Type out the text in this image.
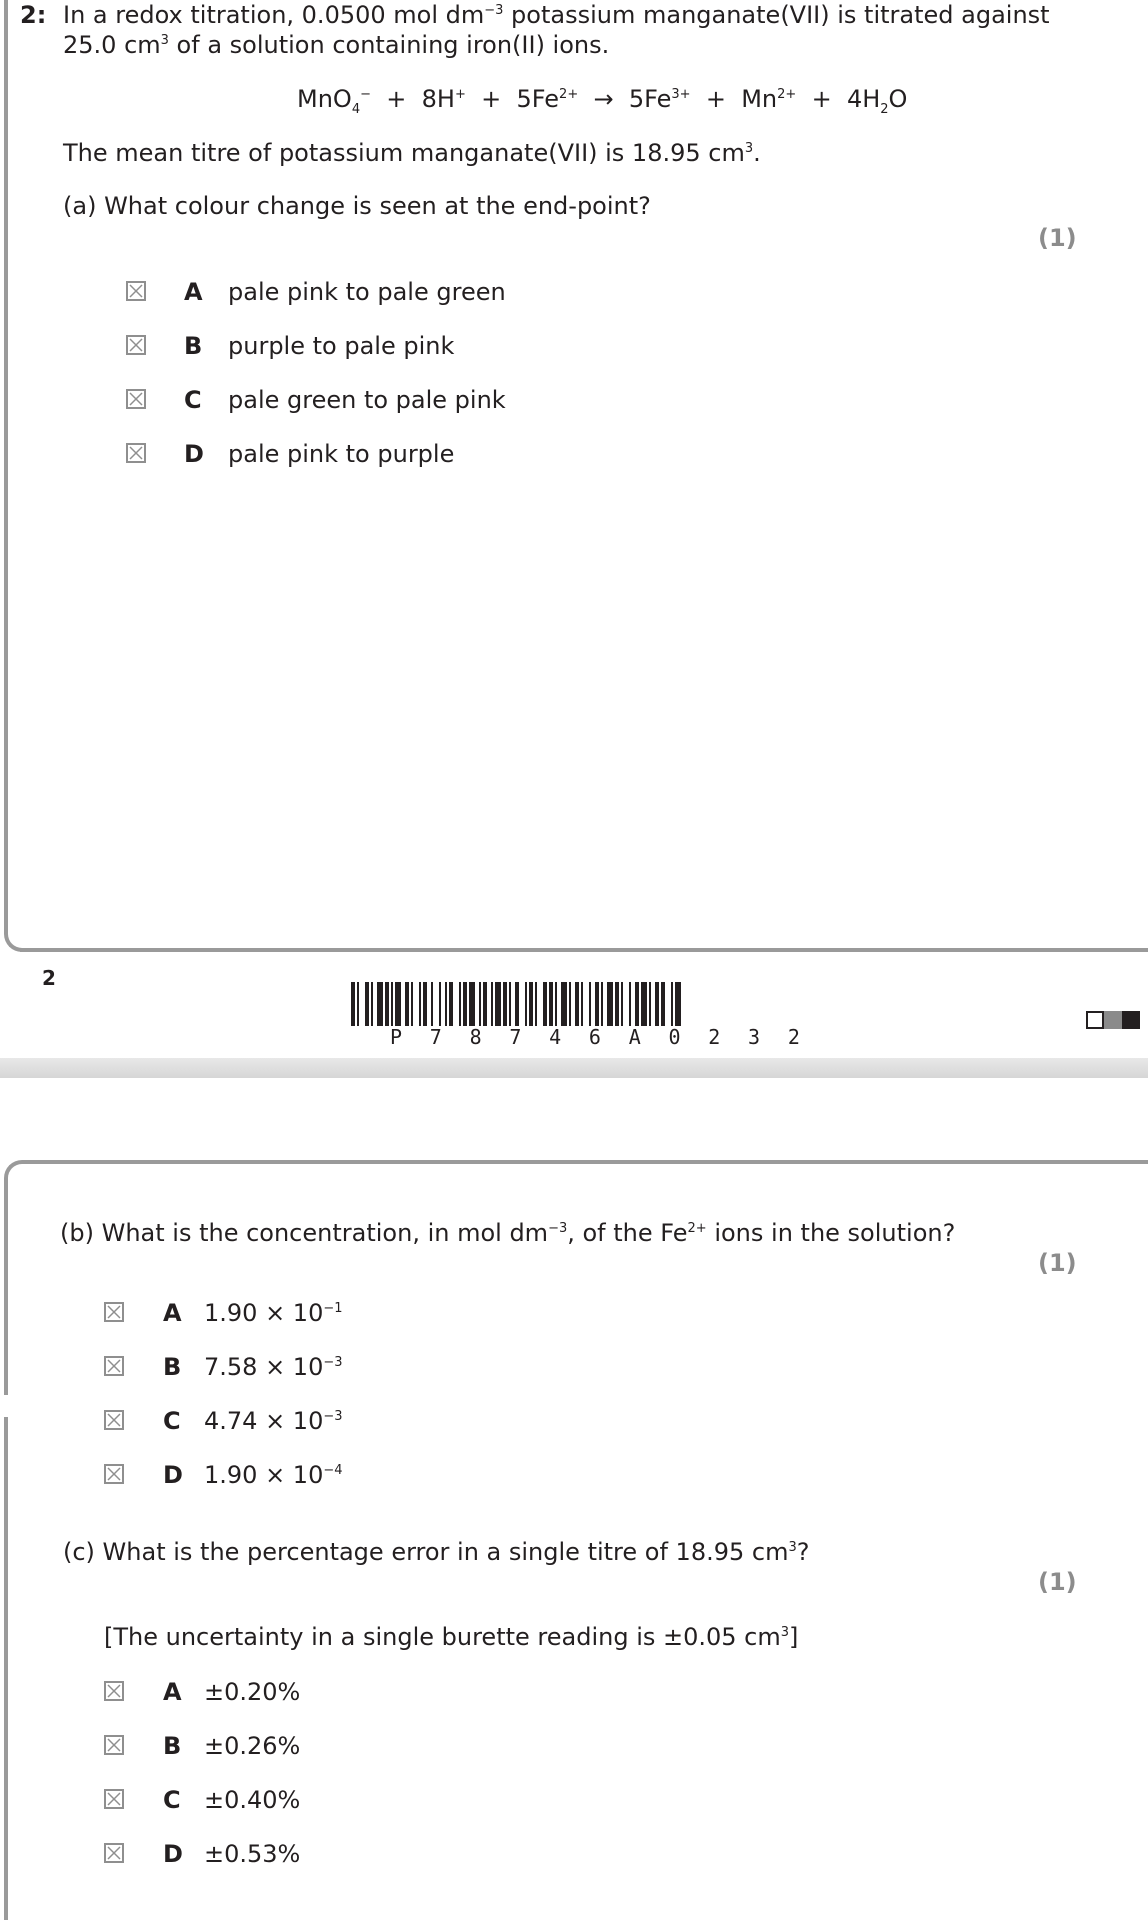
2: In a redox titration, 0.0500 mol $dm^{-3}$ potassium manganate(VII) is titrated against
25.0 $cm^3$ of a solution containing iron(II) ions.
$MnO_4^- + 8H^+ + 5Fe^{2+} \to 5Fe^{3+} + Mn^{2+} + 4H_2O$
The mean titre of potassium manganate(VII) is 18.95 $cm^3$.
(a) What colour change is seen at the end-point?
(1)
A pale pink to pale green
B purple to pale pink
C pale green to pale pink
D pale pink to purple
2
P 7 8 7 4 6 A 0 2 3 2
(b) What is the concentration, in mol $dm^{-3}$, of the $Fe^{2+}$ ions in the solution?
(1)
A $1.90 \times 10^{-1}$
B $7.58 \times 10^{-3}$
C $4.74 \times 10^{-3}$
D $1.90 \times 10^{-4}$
(c) What is the percentage error in a single titre of 18.95 $cm^3$?
(1)
[The uncertainty in a single burette reading is ±0.05 $cm^3$]
A ±0.20%
B ±0.26%
C ±0.40%
D ±0.53%
